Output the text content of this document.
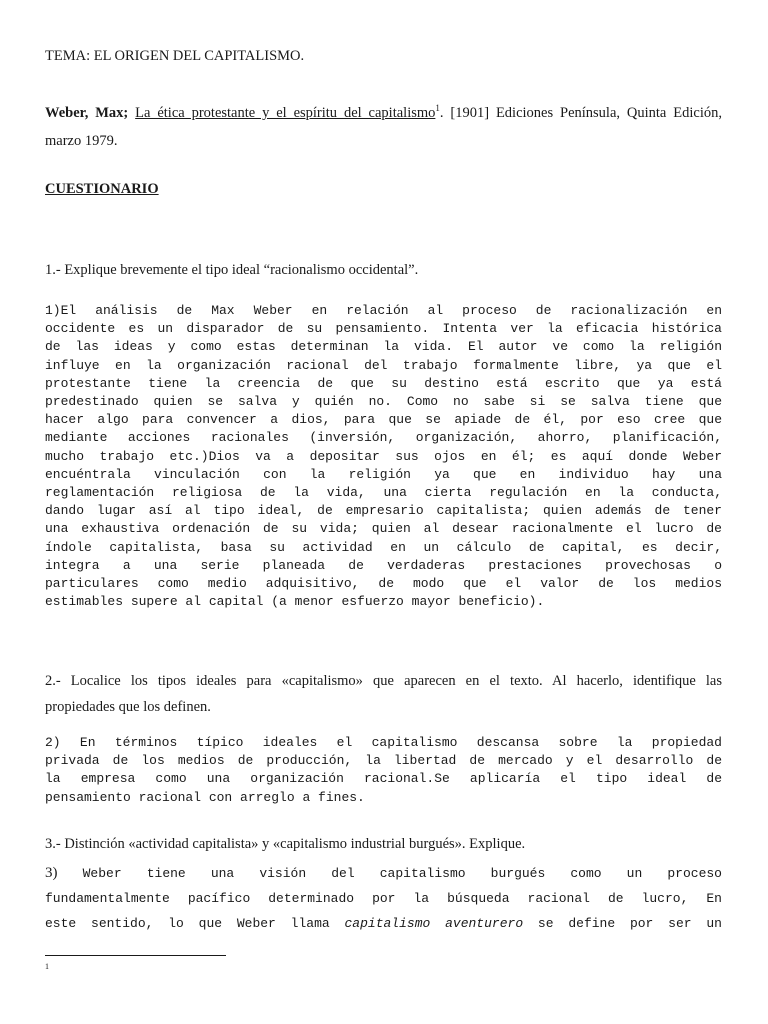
TEMA: EL ORIGEN DEL CAPITALISMO.
Weber, Max; La ética protestante y el espíritu del capitalismo$^1$. [1901] Ediciones Península, Quinta Edición,
marzo 1979.
CUESTIONARIO
1.- Explique brevemente el tipo ideal “racionalismo occidental”.
1)El análisis de Max Weber en relación al proceso de racionalización en
occidente es un disparador de su pensamiento. Intenta ver la eficacia histórica
de las ideas y como estas determinan la vida. El autor ve como la religión
influye en la organización racional del trabajo formalmente libre, ya que el
protestante tiene la creencia de que su destino está escrito que ya está
predestinado quien se salva y quién no. Como no sabe si se salva tiene que
hacer algo para convencer a dios, para que se apiade de él, por eso cree que
mediante acciones racionales (inversión, organización, ahorro, planificación,
mucho trabajo etc.)Dios va a depositar sus ojos en él; es aquí donde Weber
encuéntrala vinculación con la religión ya que en individuo hay una
reglamentación religiosa de la vida, una cierta regulación en la conducta,
dando lugar así al tipo ideal, de empresario capitalista; quien además de tener
una exhaustiva ordenación de su vida; quien al desear racionalmente el lucro de
índole capitalista, basa su actividad en un cálculo de capital, es decir,
integra a una serie planeada de verdaderas prestaciones provechosas o
particulares como medio adquisitivo, de modo que el valor de los medios
estimables supere al capital (a menor esfuerzo mayor beneficio).
2.- Localice los tipos ideales para «capitalismo» que aparecen en el texto. Al hacerlo, identifique las
propiedades que los definen.
2) En términos típico ideales el capitalismo descansa sobre la propiedad
privada de los medios de producción, la libertad de mercado y el desarrollo de
la empresa como una organización racional.Se aplicaría el tipo ideal de
pensamiento racional con arreglo a fines.
3.- Distinción «actividad capitalista» y «capitalismo industrial burgués». Explique.
3) Weber tiene una visión del capitalismo burgués como un proceso
fundamentalmente pacífico determinado por la búsqueda racional de lucro, En
este sentido, lo que Weber llama capitalismo aventurero se define por ser un
1
